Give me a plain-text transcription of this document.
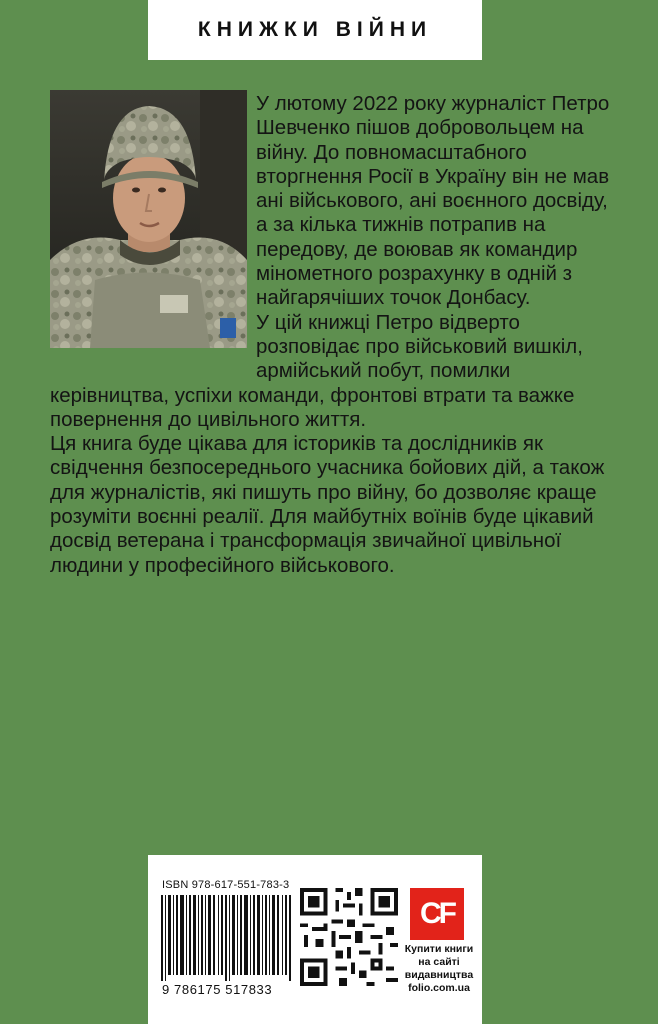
КНИЖКИ ВІЙНИ

У лютому 2022 року журналіст Петро Шевченко пішов добровольцем на війну. До повномасштабного вторгнення Росії в Україну він не мав ані військового, ані воєнного досвіду, а за кілька тижнів потрапив на передову, де воював як командир мінометного розрахунку в одній з найгарячіших точок Донбасу.

У цій книжці Петро відверто розповідає про військовий вишкіл, армійський побут, помилки керівництва, успіхи команди, фронтові втрати та важке повернення до цивільного життя.

Ця книга буде цікава для істориків та дослідників як свідчення безпосереднього учасника бойових дій, а також для журналістів, які пишуть про війну, бо дозволяє краще розуміти воєнні реалії. Для майбутніх воїнів буде цікавий досвід ветерана і трансформація звичайної цивільної людини у професійного військового.

ISBN 978-617-551-783-3
9 786175 517833
CF
Купити книги на сайті видавництва folio.com.ua
